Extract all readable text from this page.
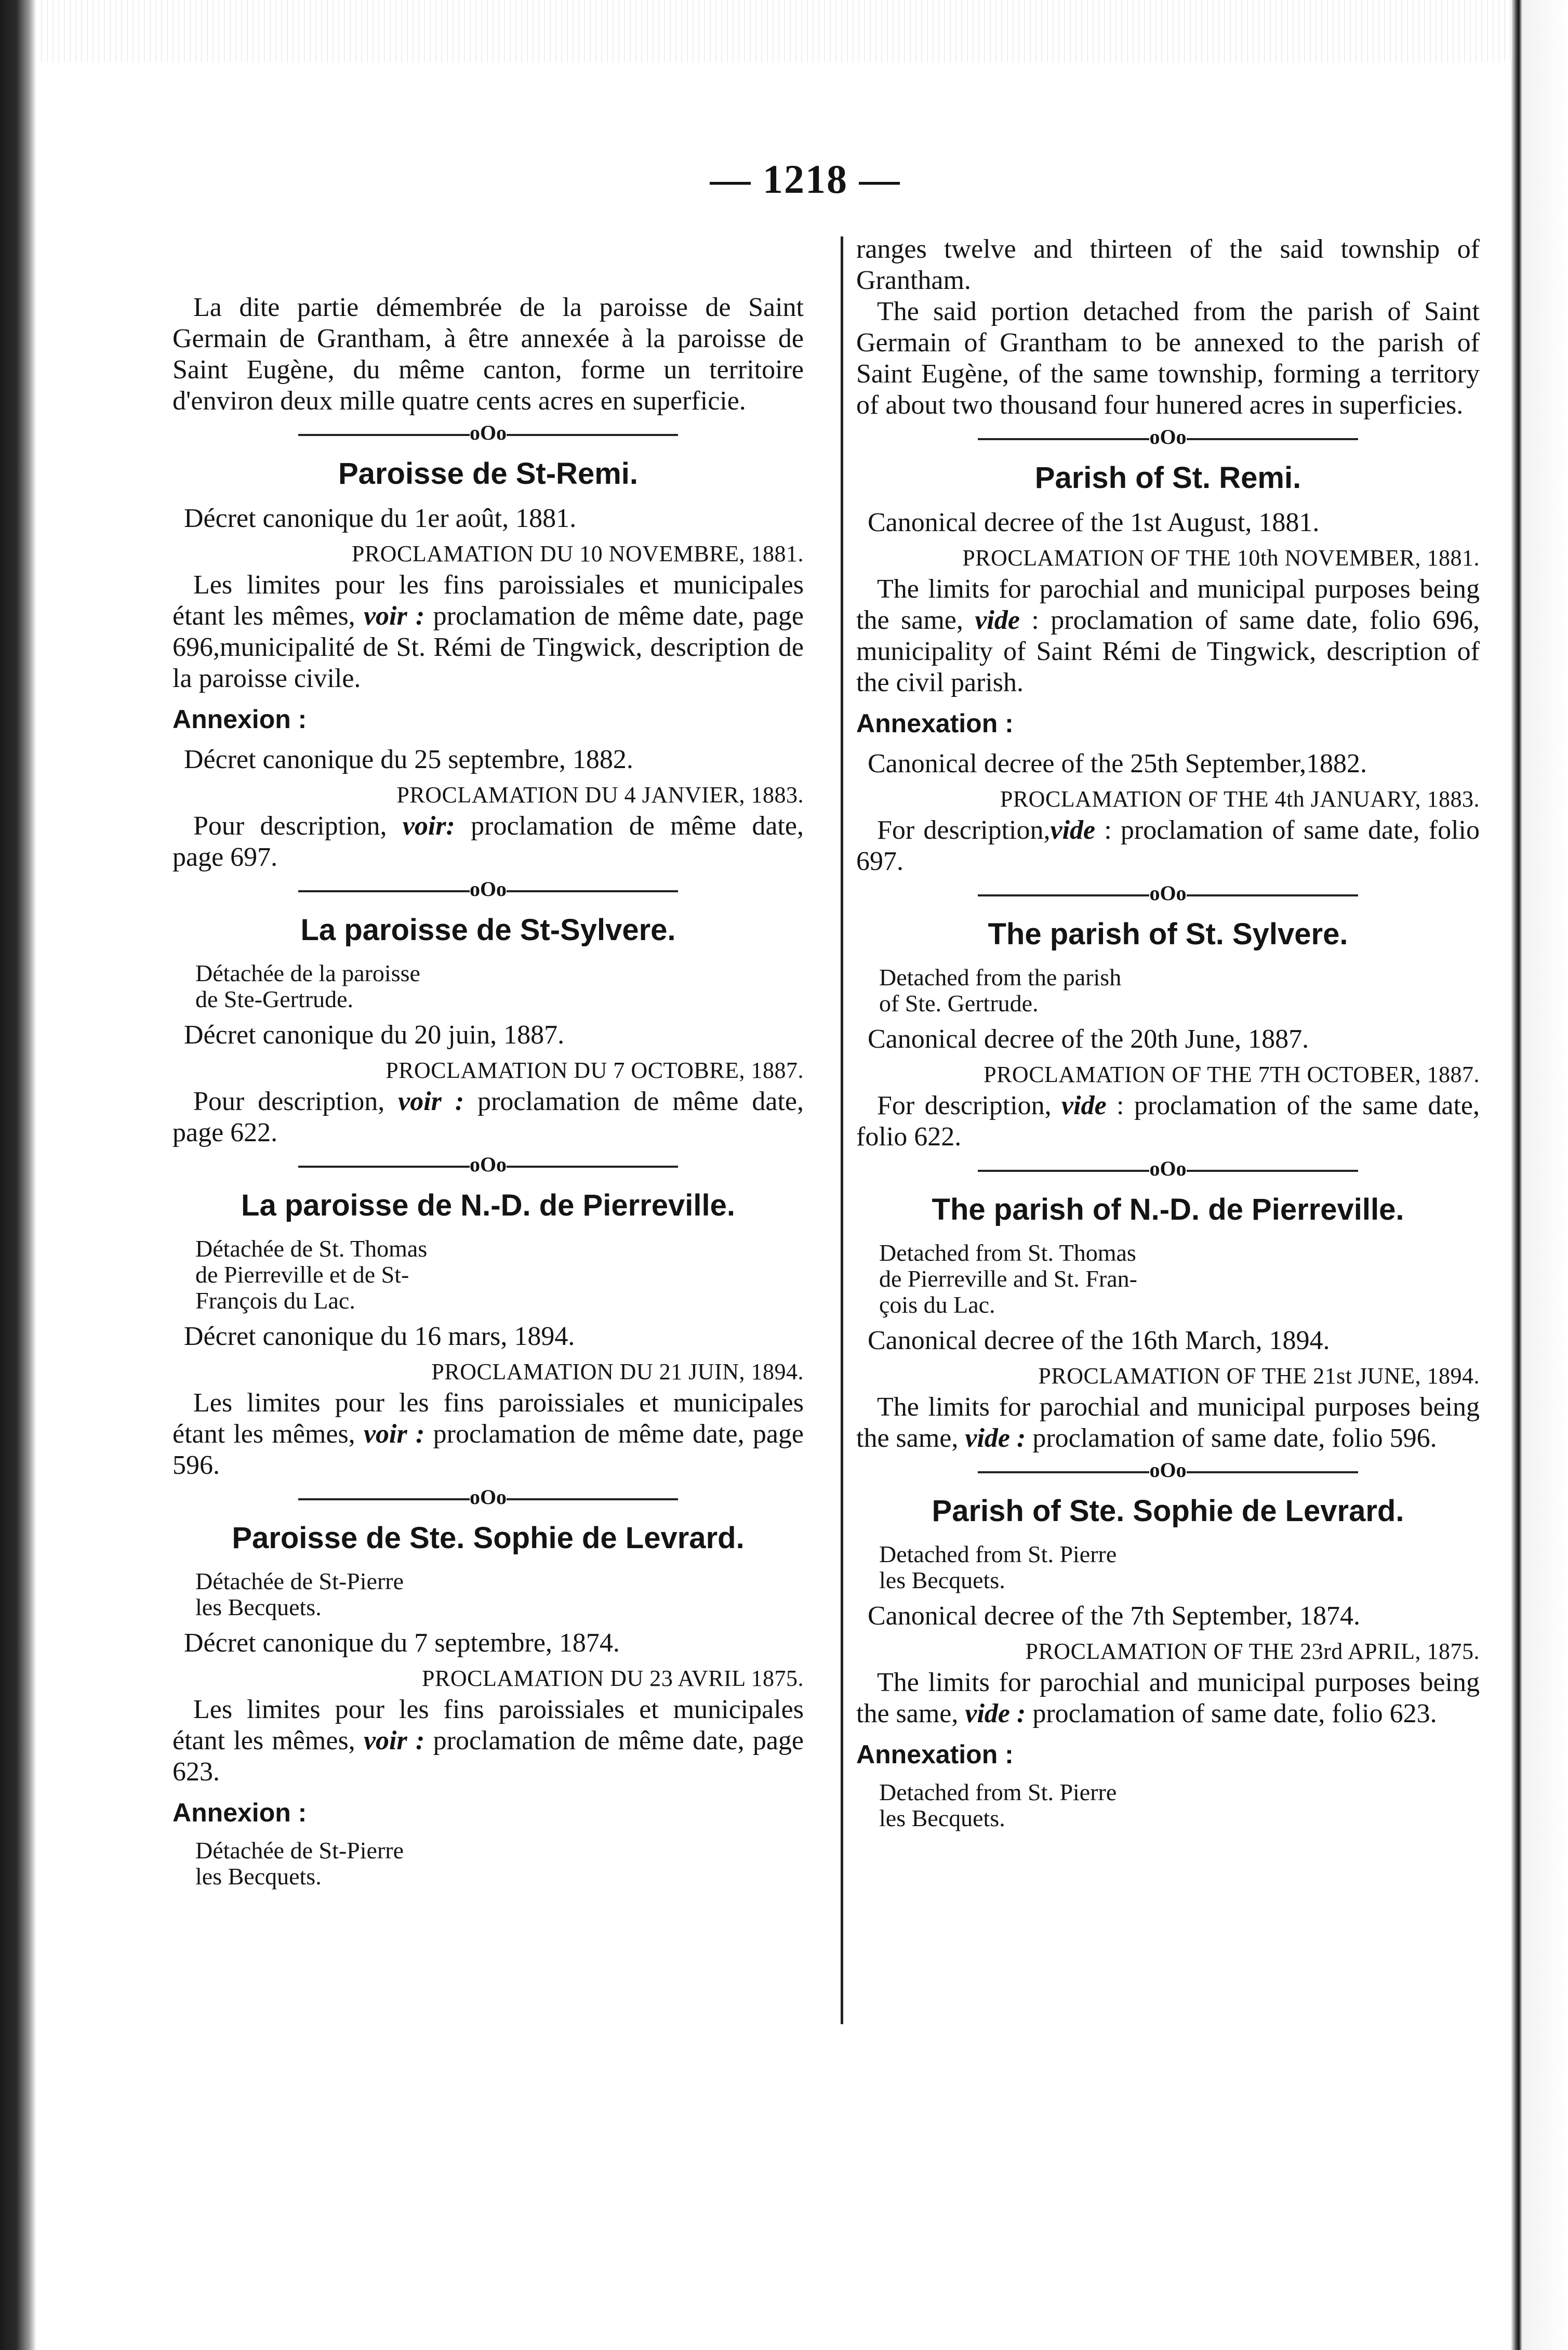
— 1218 —

La dite partie démembrée de la paroisse de Saint Germain de Grantham, à être annexée à la paroisse de Saint Eugène, du même canton, forme un territoire d'environ deux mille quatre cents acres en superficie.

oOo
Paroisse de St-Remi.

Décret canonique du 1er août, 1881.

PROCLAMATION DU 10 NOVEMBRE, 1881.

Les limites pour les fins paroissiales et municipales étant les mêmes, voir : proclamation de même date, page 696,municipalité de St. Rémi de Tingwick, description de la paroisse civile.

Annexion :

Décret canonique du 25 septembre, 1882.

PROCLAMATION DU 4 JANVIER, 1883.

Pour description, voir: proclamation de même date, page 697.

oOo
La paroisse de St-Sylvere.

Détachée de la paroisse
de Ste-Gertrude.

Décret canonique du 20 juin, 1887.

PROCLAMATION DU 7 OCTOBRE, 1887.

Pour description, voir : proclamation de même date, page 622.

oOo
La paroisse de N.-D. de Pierreville.

Détachée de St. Thomas
de Pierreville et de St-
François du Lac.

Décret canonique du 16 mars, 1894.

PROCLAMATION DU 21 JUIN, 1894.

Les limites pour les fins paroissiales et municipales étant les mêmes, voir : proclamation de même date, page 596.

oOo
Paroisse de Ste. Sophie de Levrard.

Détachée de St-Pierre
les Becquets.

Décret canonique du 7 septembre, 1874.

PROCLAMATION DU 23 AVRIL 1875.

Les limites pour les fins paroissiales et municipales étant les mêmes, voir : proclamation de même date, page 623.

Annexion :

Détachée de St-Pierre
les Becquets.

ranges twelve and thirteen of the said township of Grantham.

The said portion detached from the parish of Saint Germain of Grantham to be annexed to the parish of Saint Eugène, of the same township, forming a territory of about two thousand four hunered acres in superficies.

oOo
Parish of St. Remi.

Canonical decree of the 1st August, 1881.

PROCLAMATION OF THE 10th NOVEMBER, 1881.

The limits for parochial and municipal purposes being the same, vide : proclamation of same date, folio 696, municipality of Saint Rémi de Tingwick, description of the civil parish.

Annexation :

Canonical decree of the 25th September,1882.

PROCLAMATION OF THE 4th JANUARY, 1883.

For description,vide : proclamation of same date, folio 697.

oOo
The parish of St. Sylvere.

Detached from the parish
of Ste. Gertrude.

Canonical decree of the 20th June, 1887.

PROCLAMATION OF THE 7TH OCTOBER, 1887.

For description, vide : proclamation of the same date, folio 622.

oOo
The parish of N.-D. de Pierreville.

Detached from St. Thomas
de Pierreville and St. Fran-
çois du Lac.

Canonical decree of the 16th March, 1894.

PROCLAMATION OF THE 21st JUNE, 1894.

The limits for parochial and municipal purposes being the same, vide : proclamation of same date, folio 596.

oOo
Parish of Ste. Sophie de Levrard.

Detached from St. Pierre
les Becquets.

Canonical decree of the 7th September, 1874.

PROCLAMATION OF THE 23rd APRIL, 1875.

The limits for parochial and municipal purposes being the same, vide : proclamation of same date, folio 623.

Annexation :

Detached from St. Pierre
les Becquets.
